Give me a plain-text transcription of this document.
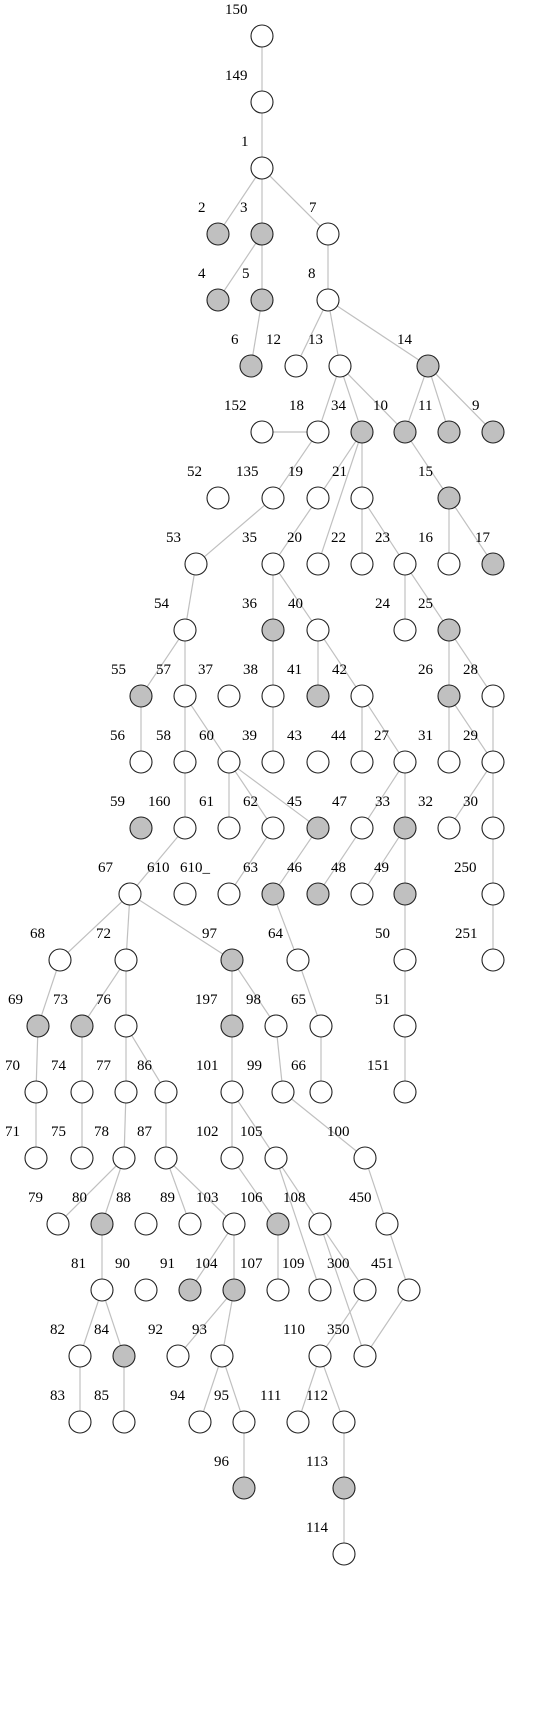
150
149
1
2 3	7
4 5	8
6 12 13	14
152	18 34 10 11	9
52 135 19 21	15
53	35 20 22 23 16	17
54	36 40	24 25
55 57 37 38 41 42	26 28
56 58 60 39 43 44 27 31 29
59 160 61 62 45 47 33 32 30
67 610 610_ 63 46 48 49	250
68	72	97	64	50	251
69 73 76	197 98 65	51
70 74 77 86	101 99 66	151
71 75 78 87	102 105	100
79 80 88 89 103 106 108	450
81 90 91 104 107 109 300 451
82 84	92 93	110 350
83 85	94 95 111 112
96	113
114
